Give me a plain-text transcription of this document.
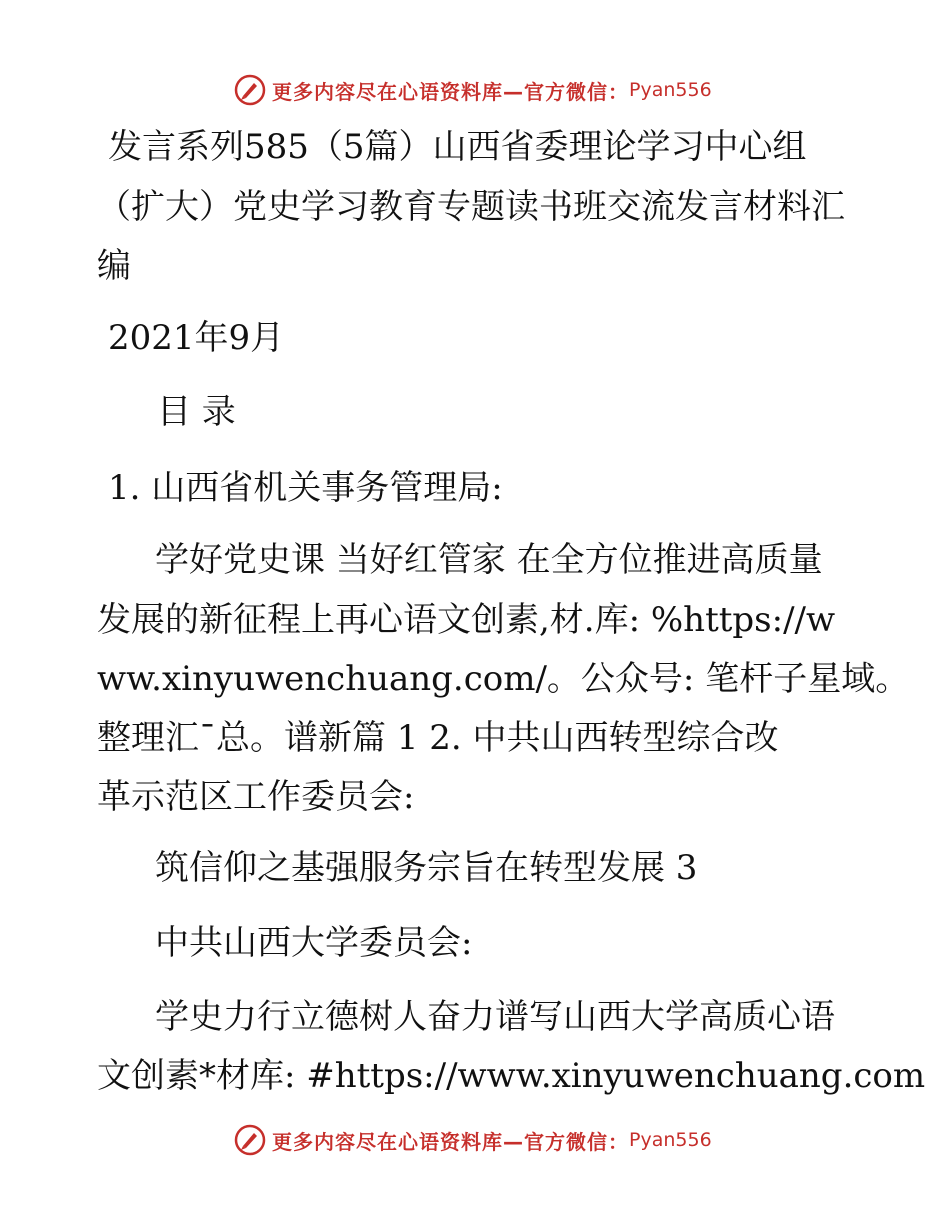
更多内容尽在心语资料库—官方微信： Pyan556
发言系列585（5篇）山西省委理论学习中心组
（扩大）党史学习教育专题读书班交流发言材料汇
编
2021年9月
目 录
1. 山西省机关事务管理局:
学好党史课 当好红管家 在全方位推进高质量
发展的新征程上再心语文创素,材.库: %https://w
ww.xinyuwenchuang.com/。公众号: 笔杆子星域。
整理汇¯总。谱新篇 1 2. 中共山西转型综合改
革示范区工作委员会:
筑信仰之基强服务宗旨在转型发展 3
中共山西大学委员会:
学史力行立德树人奋力谱写山西大学高质心语
文创素*材库: #https://www.xinyuwenchuang.com
更多内容尽在心语资料库—官方微信： Pyan556
